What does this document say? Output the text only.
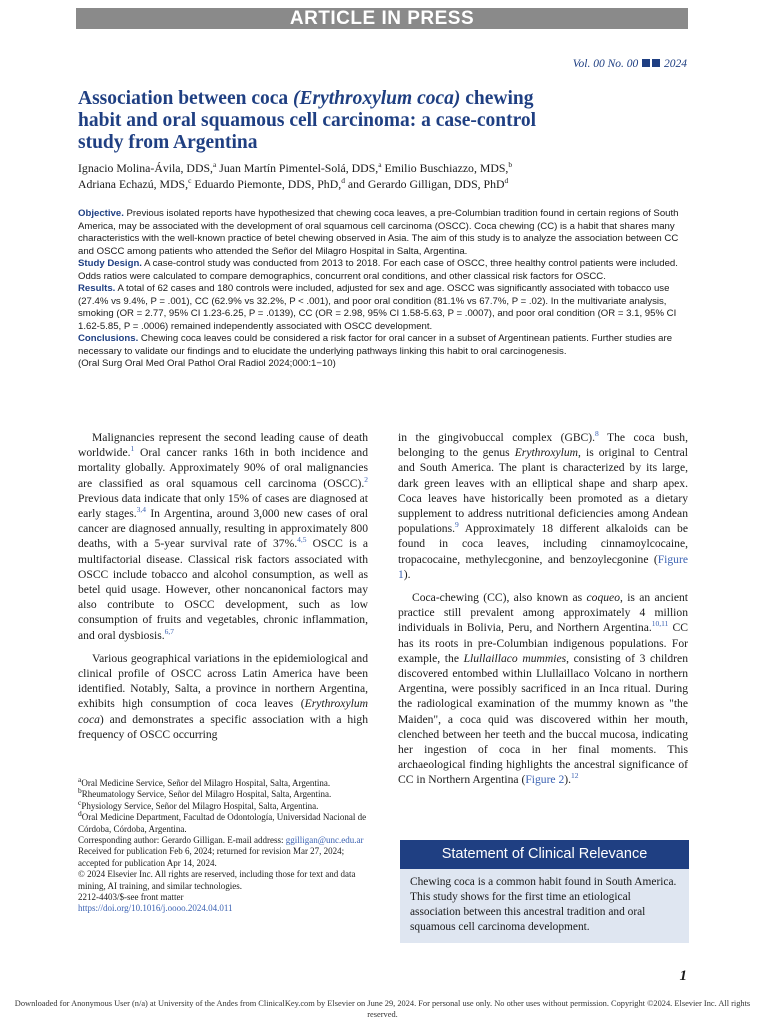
ARTICLE IN PRESS
Vol. 00 No. 00 2024
Association between coca (Erythroxylum coca) chewing habit and oral squamous cell carcinoma: a case-control study from Argentina
Ignacio Molina-Ávila, DDS,$^a$ Juan Martín Pimentel-Solá, DDS,$^a$ Emilio Buschiazzo, MDS,$^b$
Adriana Echazú, MDS,$^c$ Eduardo Piemonte, DDS, PhD,$^d$ and Gerardo Gilligan, DDS, PhD$^d$

Objective. Previous isolated reports have hypothesized that chewing coca leaves, a pre-Columbian tradition found in certain regions of South America, may be associated with the development of oral squamous cell carcinoma (OSCC). Coca chewing (CC) is a habit that shares many characteristics with the well-known practice of betel chewing observed in Asia. The aim of this study is to analyze the association between CC and OSCC among patients who attended the Señor del Milagro Hospital in Salta, Argentina.

Study Design. A case-control study was conducted from 2013 to 2018. For each case of OSCC, three healthy control patients were included. Odds ratios were calculated to compare demographics, concurrent oral conditions, and other classical risk factors for OSCC.

Results. A total of 62 cases and 180 controls were included, adjusted for sex and age. OSCC was significantly associated with tobacco use (27.4% vs 9.4%, P = .001), CC (62.9% vs 32.2%, P < .001), and poor oral condition (81.1% vs 67.7%, P = .02). In the multivariate analysis, smoking (OR = 2.77, 95% CI 1.23-6.25, P = .0139), CC (OR = 2.98, 95% CI 1.58-5.63, P = .0007), and poor oral condition (OR = 3.1, 95% CI 1.62-5.85, P = .0006) remained independently associated with OSCC development.

Conclusions. Chewing coca leaves could be considered a risk factor for oral cancer in a subset of Argentinean patients. Further studies are necessary to validate our findings and to elucidate the underlying pathways linking this habit to oral carcinogenesis.

(Oral Surg Oral Med Oral Pathol Oral Radiol 2024;000:1−10)

Malignancies represent the second leading cause of death worldwide.$^1$ Oral cancer ranks 16th in both incidence and mortality globally. Approximately 90% of oral malignancies are classified as oral squamous cell carcinoma (OSCC).$^2$ Previous data indicate that only 15% of cases are diagnosed at early stages.$^{3,4}$ In Argentina, around 3,000 new cases of oral cancer are diagnosed annually, resulting in approximately 800 deaths, with a 5-year survival rate of 37%.$^{4,5}$ OSCC is a multifactorial disease. Classical risk factors associated with OSCC include tobacco and alcohol consumption, as well as betel quid usage. However, other noncanonical factors may also contribute to OSCC development, such as low consumption of fruits and vegetables, chronic inflammation, and oral dysbiosis.$^{6,7}$

Various geographical variations in the epidemiological and clinical profile of OSCC across Latin America have been identified. Notably, Salta, a province in northern Argentina, exhibits high consumption of coca leaves (Erythroxylum coca) and demonstrates a specific association with a high frequency of OSCC occurring

in the gingivobuccal complex (GBC).$^8$ The coca bush, belonging to the genus Erythroxylum, is original to Central and South America. The plant is characterized by its large, dark green leaves with an elliptical shape and sharp apex. Coca leaves have historically been promoted as a dietary supplement to address nutritional deficiencies among Andean populations.$^9$ Approximately 18 different alkaloids can be found in coca leaves, including cinnamoylcocaine, tropacocaine, methylecgonine, and benzoylecgonine (Figure 1).

Coca-chewing (CC), also known as coqueo, is an ancient practice still prevalent among approximately 4 million individuals in Bolivia, Peru, and Northern Argentina.$^{10,11}$ CC has its roots in pre-Columbian indigenous populations. For example, the Llullaillaco mummies, consisting of 3 children discovered entombed within Llullaillaco Volcano in northern Argentina, were possibly sacrificed in an Inca ritual. During the radiological examination of the mummy known as "the Maiden", a coca quid was discovered within her mouth, clenched between her teeth and the buccal mucosa, indicating her ingestion of coca in her final moments. This archaeological finding highlights the ancestral significance of CC in Northern Argentina (Figure 2).$^{12}$

$^a$Oral Medicine Service, Señor del Milagro Hospital, Salta, Argentina.

$^b$Rheumatology Service, Señor del Milagro Hospital, Salta, Argentina.

$^c$Physiology Service, Señor del Milagro Hospital, Salta, Argentina.

$^d$Oral Medicine Department, Facultad de Odontología, Universidad Nacional de Córdoba, Córdoba, Argentina.

Corresponding author: Gerardo Gilligan. E-mail address: ggilligan@unc.edu.ar

Received for publication Feb 6, 2024; returned for revision Mar 27, 2024; accepted for publication Apr 14, 2024.

© 2024 Elsevier Inc. All rights are reserved, including those for text and data mining, AI training, and similar technologies.

2212-4403/$-see front matter

https://doi.org/10.1016/j.oooo.2024.04.011

Statement of Clinical Relevance
Chewing coca is a common habit found in South America. This study shows for the first time an etiological association between this ancestral tradition and oral squamous cell carcinoma development.
1
Downloaded for Anonymous User (n/a) at University of the Andes from ClinicalKey.com by Elsevier on June 29, 2024. For personal use only. No other uses without permission. Copyright ©2024. Elsevier Inc. All rights reserved.
